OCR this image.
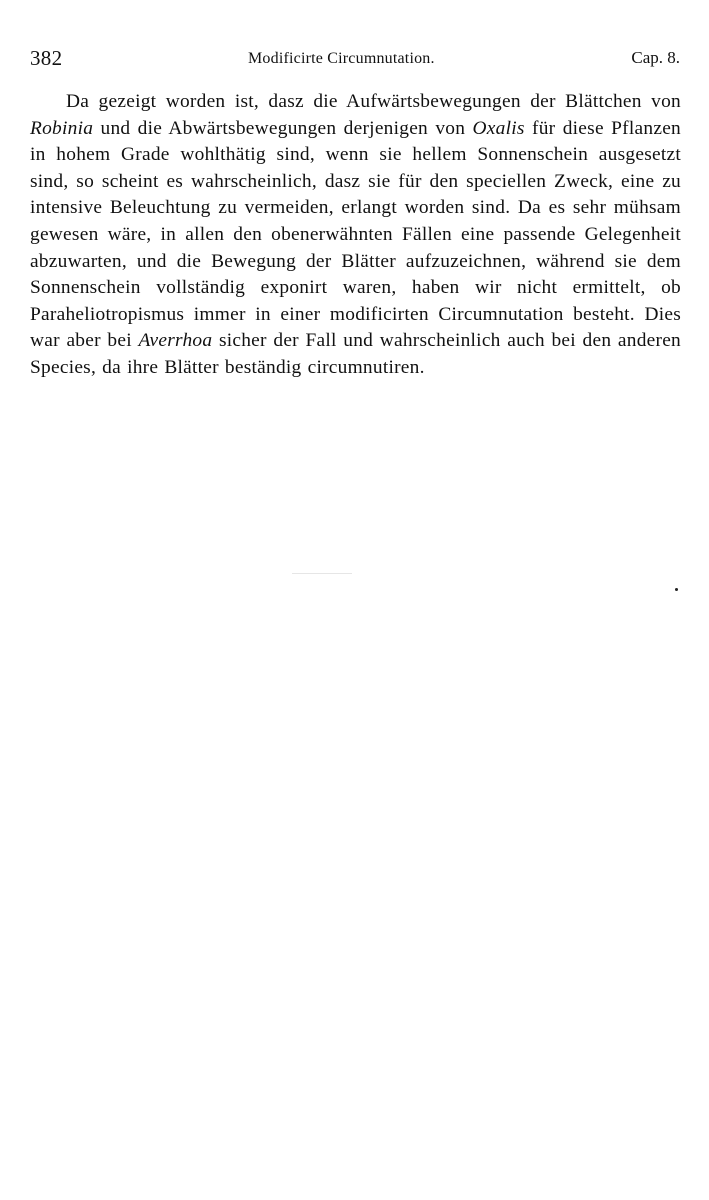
382	Modificirte Circumnutation.	Cap. 8.

Da gezeigt worden ist, dasz die Aufwärtsbewegungen der Blättchen von Robinia und die Abwärtsbewegungen derjenigen von Oxalis für diese Pflanzen in hohem Grade wohlthätig sind, wenn sie hellem Sonnenschein ausgesetzt sind, so scheint es wahrscheinlich, dasz sie für den speciellen Zweck, eine zu intensive Beleuchtung zu vermeiden, erlangt worden sind. Da es sehr mühsam gewesen wäre, in allen den obenerwähnten Fällen eine passende Gelegenheit abzuwarten, und die Bewegung der Blätter aufzuzeichnen, während sie dem Sonnenschein vollständig exponirt waren, haben wir nicht ermittelt, ob Paraheliotropismus immer in einer modificirten Circumnutation besteht. Dies war aber bei Averrhoa sicher der Fall und wahrscheinlich auch bei den anderen Species, da ihre Blätter beständig circumnutiren.
